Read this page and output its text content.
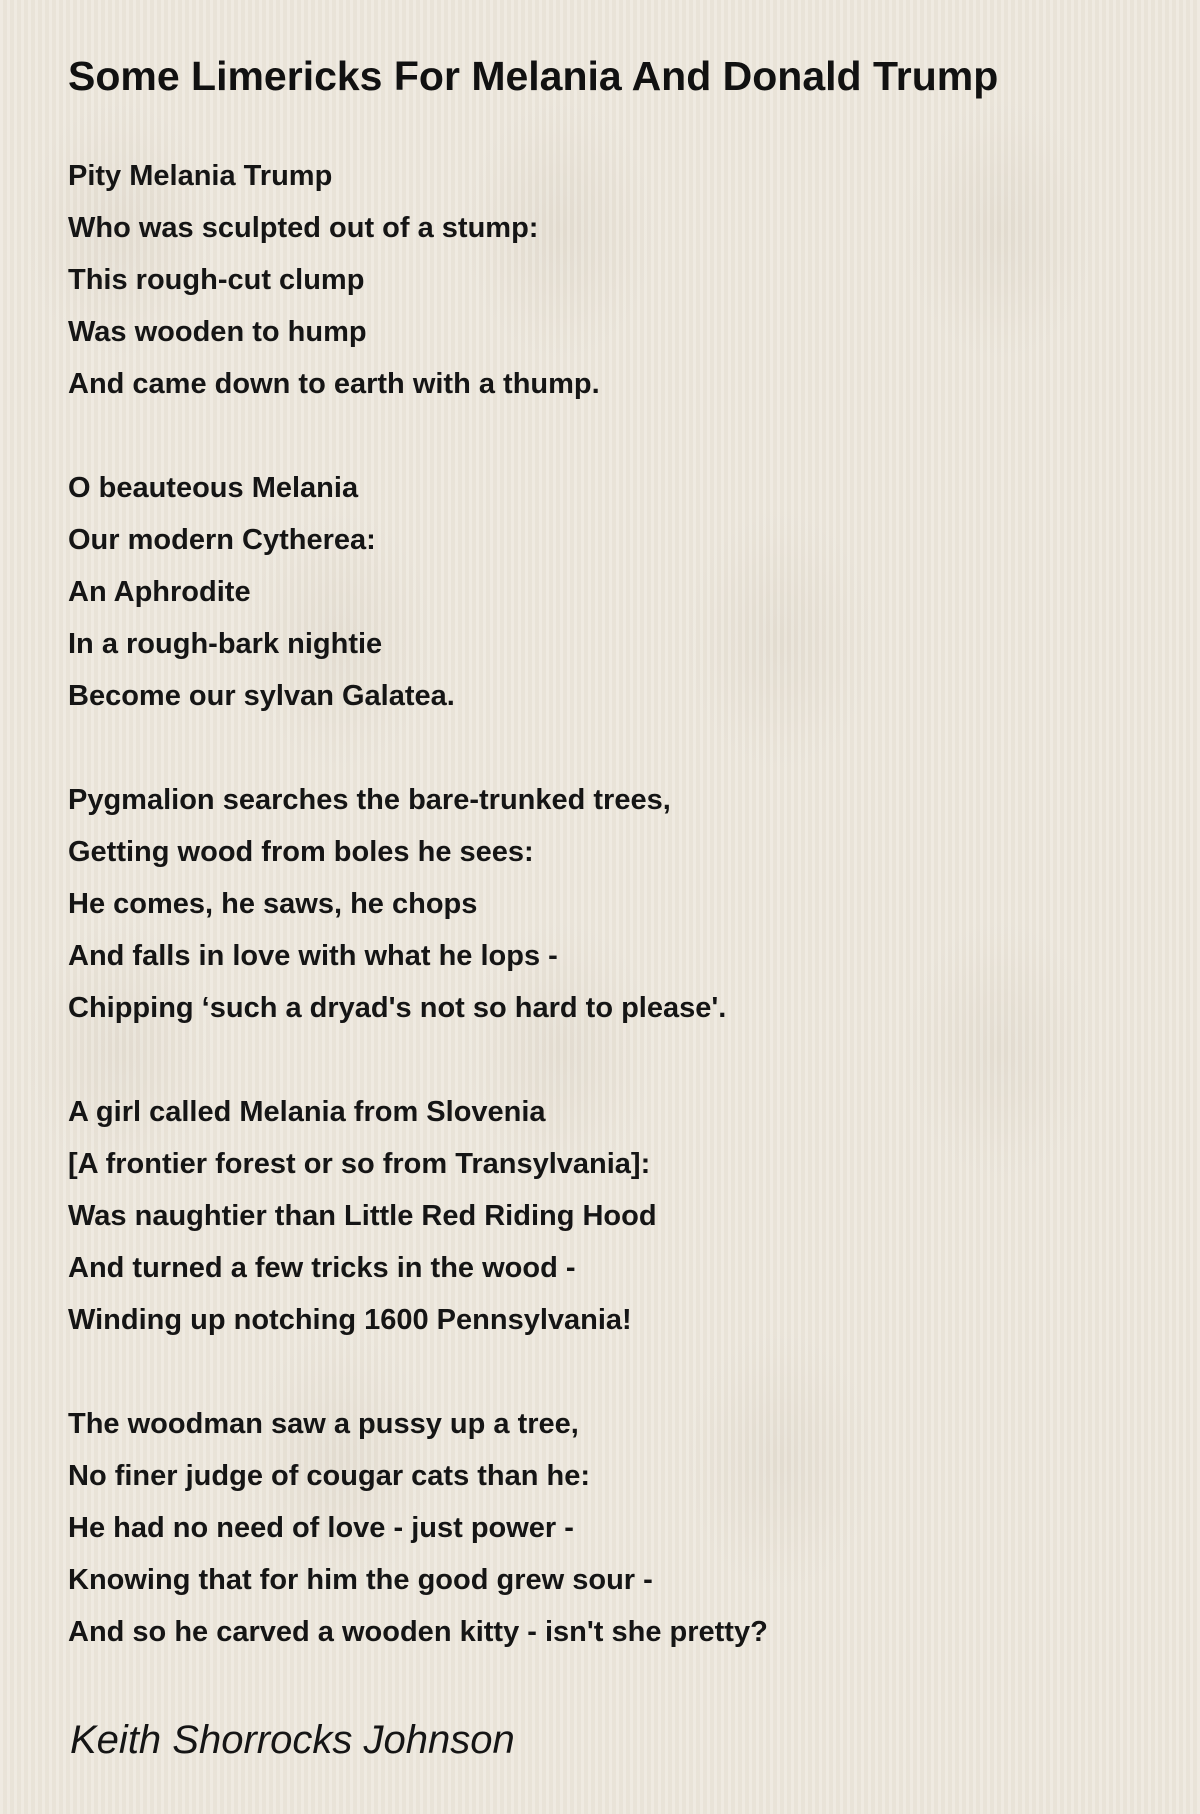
Some Limericks For Melania And Donald Trump
Pity Melania Trump
Who was sculpted out of a stump:
This rough-cut clump
Was wooden to hump
And came down to earth with a thump.
O beauteous Melania
Our modern Cytherea:
An Aphrodite
In a rough-bark nightie
Become our sylvan Galatea.
Pygmalion searches the bare-trunked trees,
Getting wood from boles he sees:
He comes, he saws, he chops
And falls in love with what he lops -
Chipping ‘such a dryad's not so hard to please'.
A girl called Melania from Slovenia
[A frontier forest or so from Transylvania]:
Was naughtier than Little Red Riding Hood
And turned a few tricks in the wood -
Winding up notching 1600 Pennsylvania!
The woodman saw a pussy up a tree,
No finer judge of cougar cats than he:
He had no need of love - just power -
Knowing that for him the good grew sour -
And so he carved a wooden kitty - isn't she pretty?
Keith Shorrocks Johnson
